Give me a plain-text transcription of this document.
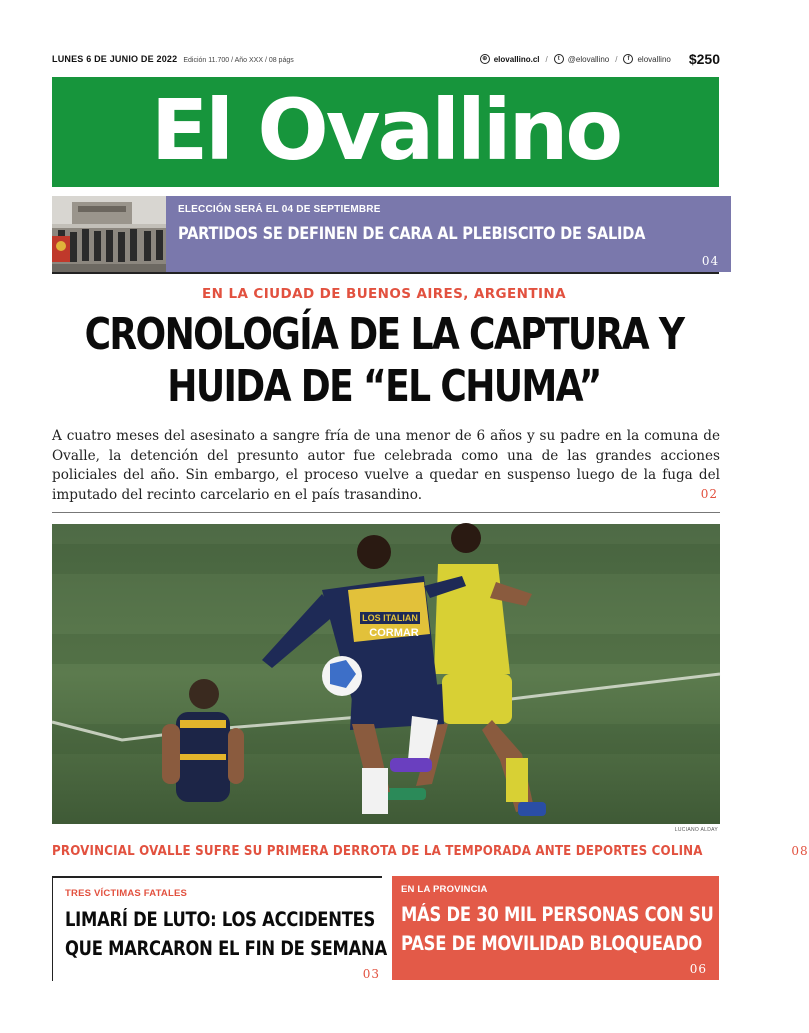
LUNES 6 DE JUNIO DE 2022 Edición 11.700 / Año XXX / 08 págs	⊕ elovallino.cl /	t	@elovallino /	f	elovallino $250
El Ovallino
ELECCIÓN SERÁ EL 04 DE SEPTIEMBRE
PARTIDOS SE DEFINEN DE CARA AL PLEBISCITO DE SALIDA
04
EN LA CIUDAD DE BUENOS AIRES, ARGENTINA
CRONOLOGÍA DE LA CAPTURA Y
HUIDA DE “EL CHUMA”
A cuatro meses del asesinato a sangre fría de una menor de 6 años y su padre en la comuna de Ovalle, la detención del presunto autor fue celebrada como una de las grandes acciones policiales del año. Sin embargo, el proceso vuelve a quedar en suspenso luego de la fuga del imputado del recinto carcelario en el país trasandino.	02
LOS ITALIAN
CORMAR
LUCIANO ALDAY
PROVINCIAL OVALLE SUFRE SU PRIMERA DERROTA DE LA TEMPORADA ANTE DEPORTES COLINA	08
TRES VÍCTIMAS FATALES
LIMARÍ DE LUTO: LOS ACCIDENTES
QUE MARCARON EL FIN DE SEMANA
03
EN LA PROVINCIA
MÁS DE 30 MIL PERSONAS CON SU
PASE DE MOVILIDAD BLOQUEADO
06
